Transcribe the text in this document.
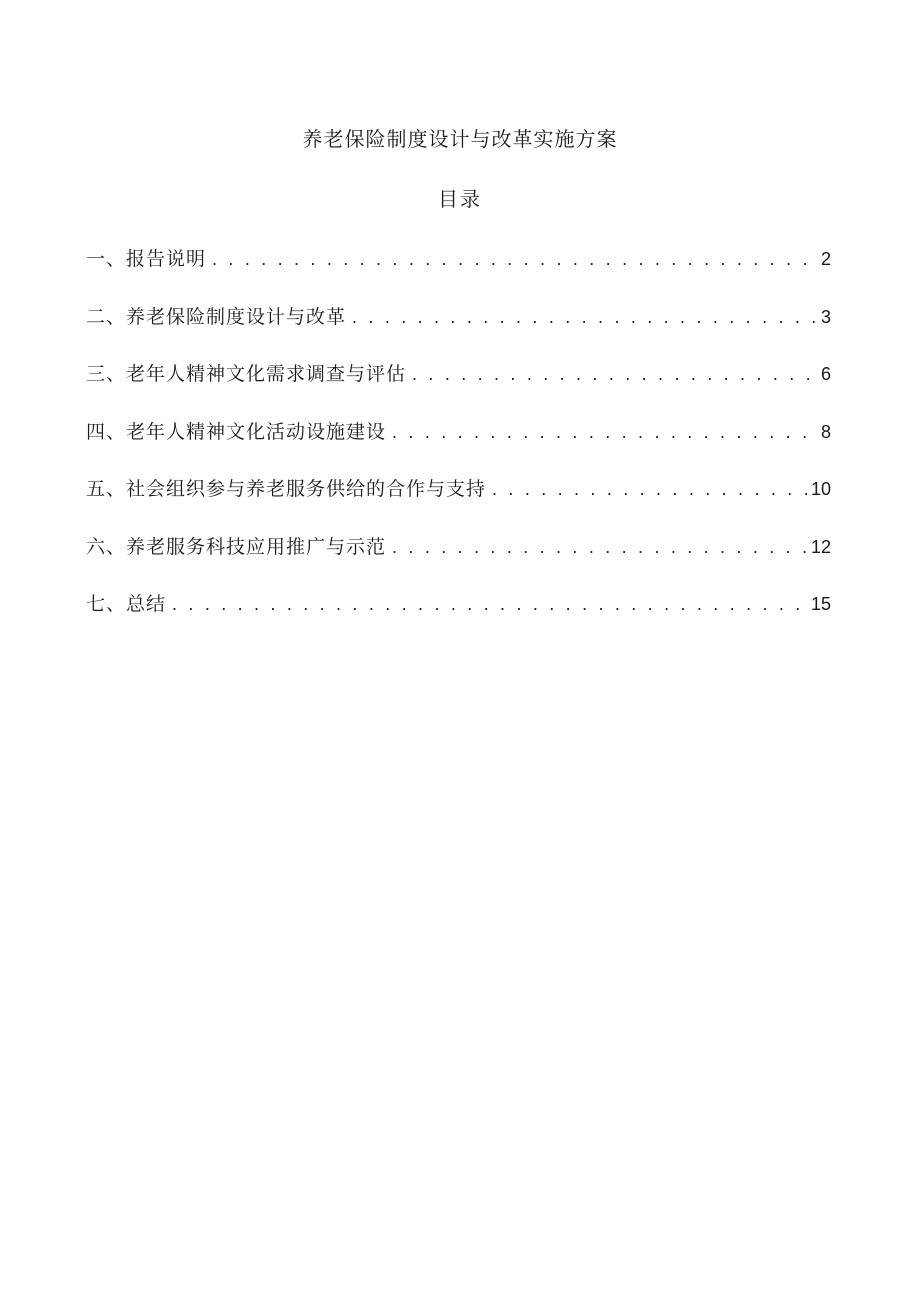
养老保险制度设计与改革实施方案
目录
一、报告说明 . . .	2
二、养老保险制度设计与改革 . . .	3
三、老年人精神文化需求调查与评估 . . .	6
四、老年人精神文化活动设施建设 . . .	8
五、社会组织参与养老服务供给的合作与支持 . . .	10
六、养老服务科技应用推广与示范 . . .	12
七、总结 . . .	15
